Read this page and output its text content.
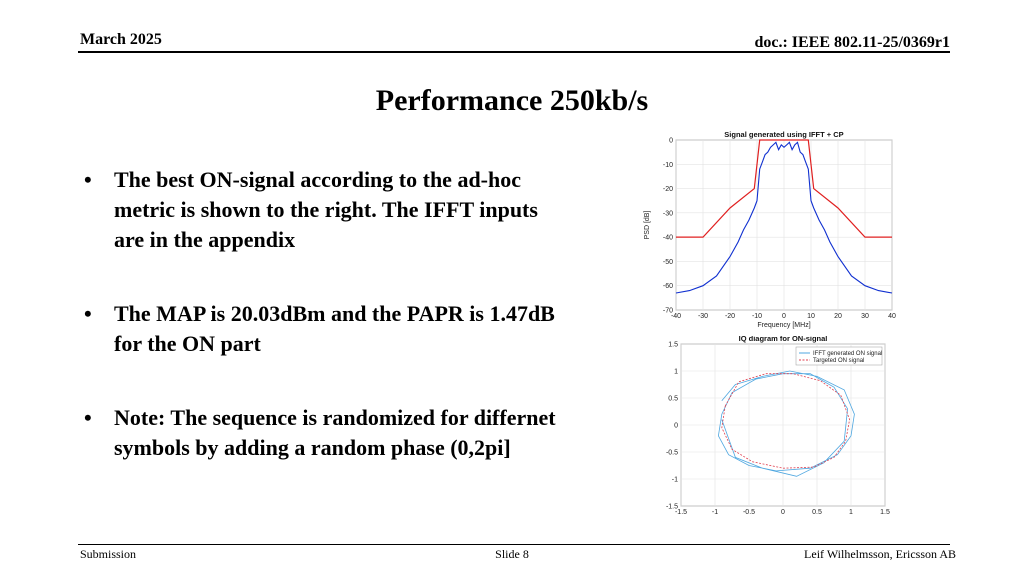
March 2025	doc.: IEEE 802.11-25/0369r1
Performance 250kb/s
• The best ON-signal according to the ad-hoc metric is shown to the right. The IFFT inputs are in the appendix
• The MAP is 20.03dBm and the PAPR is 1.47dB for the ON part
• Note: The sequence is randomized for differnet symbols by adding a random phase (0,2pi]
-40 -30 -20 -10	0	10	20	30	40
0
-10
-20
-30
-40
-50
-60
-70
Signal generated using IFFT + CP
Frequency [MHz]
PSD [dB]
-1.5	-1	-0.5	0	0.5	1	1.5
1.5
1
0.5
0
-0.5
-1
-1.5
IQ diagram for ON-signal
IFFT generated ON signal
Targeted ON signal
Submission	Slide 8	Leif Wilhelmsson, Ericsson AB
